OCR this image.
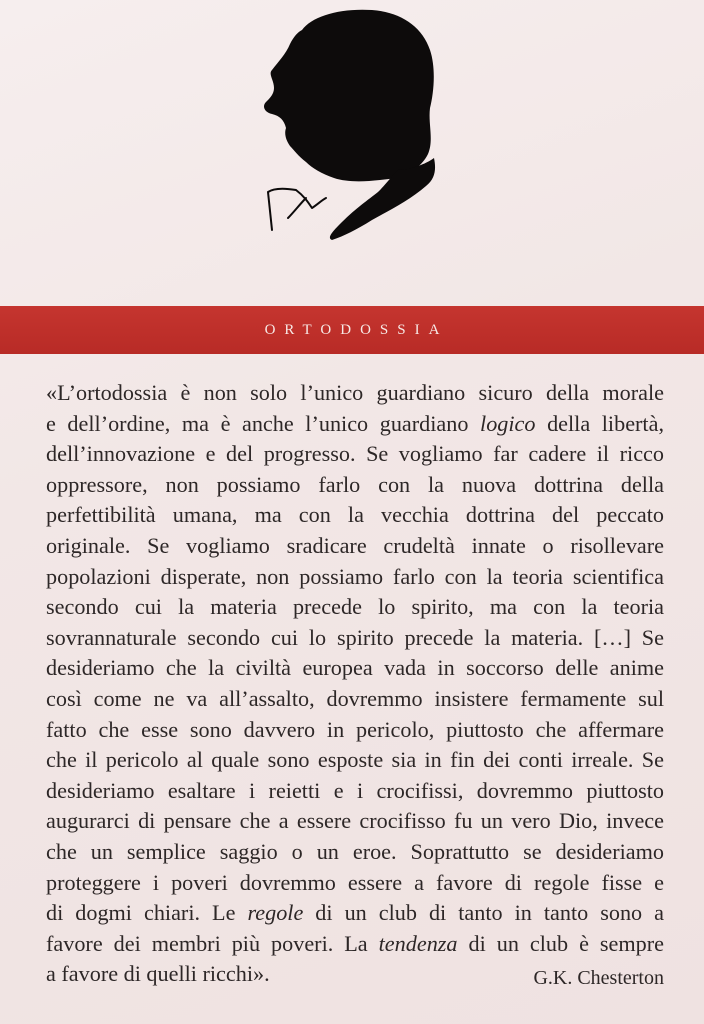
ORTODOSSIA
«L’ortodossia è non solo l’unico guardiano sicuro della morale
e dell’ordine, ma è anche l’unico guardiano logico della libertà,
dell’innovazione e del progresso. Se vogliamo far cadere il ricco
oppressore, non possiamo farlo con la nuova dottrina della
perfettibilità umana, ma con la vecchia dottrina del peccato
originale. Se vogliamo sradicare crudeltà innate o risollevare
popolazioni disperate, non possiamo farlo con la teoria scientifica
secondo cui la materia precede lo spirito, ma con la teoria
sovrannaturale secondo cui lo spirito precede la materia. […] Se
desideriamo che la civiltà europea vada in soccorso delle anime
così come ne va all’assalto, dovremmo insistere fermamente sul
fatto che esse sono davvero in pericolo, piuttosto che affermare
che il pericolo al quale sono esposte sia in fin dei conti irreale. Se
desideriamo esaltare i reietti e i crocifissi, dovremmo piuttosto
augurarci di pensare che a essere crocifisso fu un vero Dio, invece
che un semplice saggio o un eroe. Soprattutto se desideriamo
proteggere i poveri dovremmo essere a favore di regole fisse e
di dogmi chiari. Le regole di un club di tanto in tanto sono a
favore dei membri più poveri. La tendenza di un club è sempre
a favore di quelli ricchi».	G.K. Chesterton
